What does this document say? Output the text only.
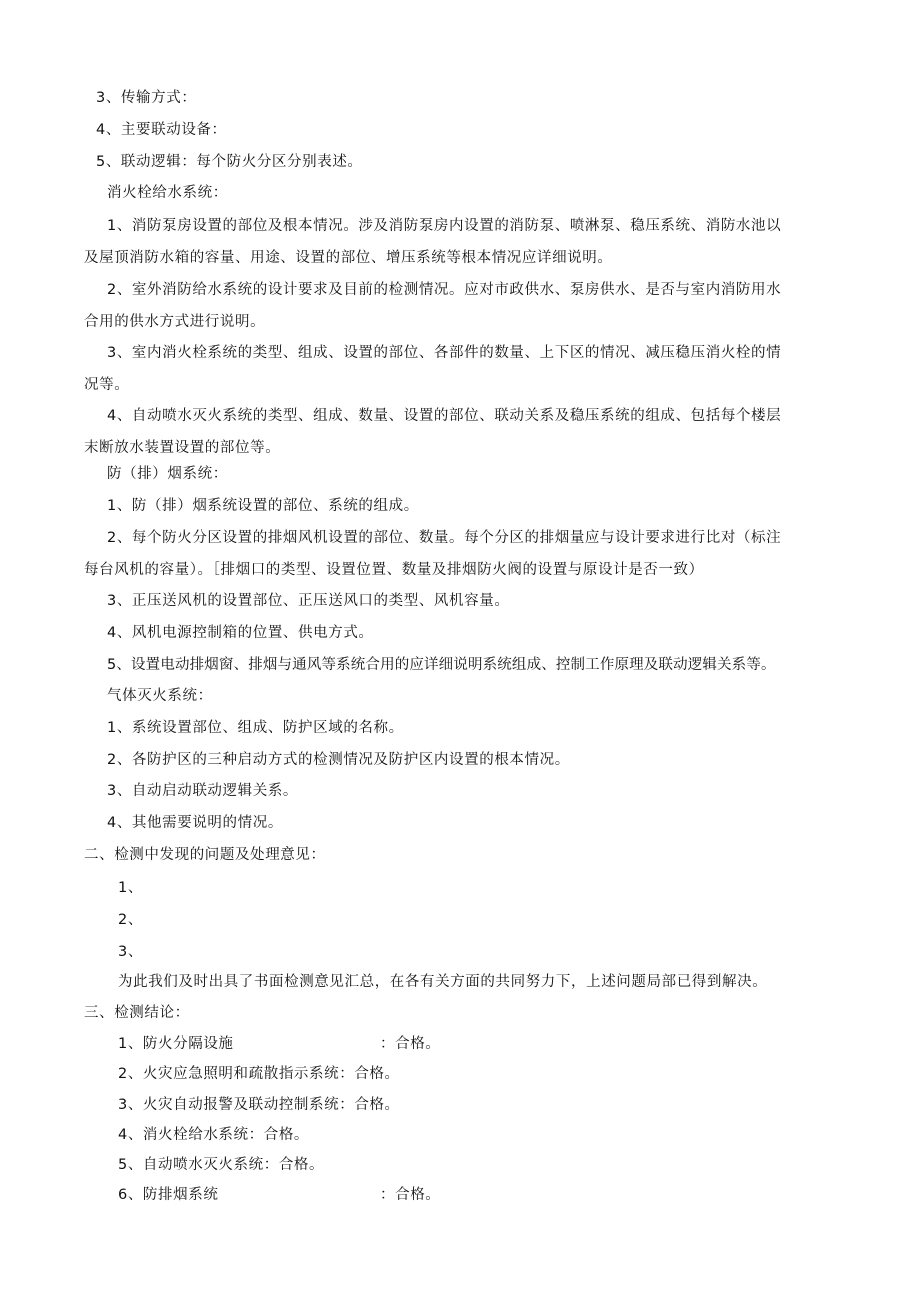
3、传输方式：
4、主要联动设备：
5、联动逻辑：每个防火分区分别表述。
消火栓给水系统：
1、消防泵房设置的部位及根本情况。涉及消防泵房内设置的消防泵、喷淋泵、稳压系统、消防水池以及屋顶消防水箱的容量、用途、设置的部位、增压系统等根本情况应详细说明。
2、室外消防给水系统的设计要求及目前的检测情况。应对市政供水、泵房供水、是否与室内消防用水合用的供水方式进行说明。
3、室内消火栓系统的类型、组成、设置的部位、各部件的数量、上下区的情况、减压稳压消火栓的情况等。
4、自动喷水灭火系统的类型、组成、数量、设置的部位、联动关系及稳压系统的组成、包括每个楼层末断放水装置设置的部位等。
防（排）烟系统：
1、防（排）烟系统设置的部位、系统的组成。
2、每个防火分区设置的排烟风机设置的部位、数量。每个分区的排烟量应与设计要求进行比对（标注每台风机的容量）。［排烟口的类型、设置位置、数量及排烟防火阀的设置与原设计是否一致）
3、正压送风机的设置部位、正压送风口的类型、风机容量。
4、风机电源控制箱的位置、供电方式。
5、设置电动排烟窗、排烟与通风等系统合用的应详细说明系统组成、控制工作原理及联动逻辑关系等。
气体灭火系统：
1、系统设置部位、组成、防护区域的名称。
2、各防护区的三种启动方式的检测情况及防护区内设置的根本情况。
3、自动启动联动逻辑关系。
4、其他需要说明的情况。
二、检测中发现的问题及处理意见：
1、
2、
3、
为此我们及时出具了书面检测意见汇总，在各有关方面的共同努力下，上述问题局部已得到解决。
三、检测结论：
1、防火分隔设施	：合格。
2、火灾应急照明和疏散指示系统：合格。
3、火灾自动报警及联动控制系统：合格。
4、消火栓给水系统：合格。
5、自动喷水灭火系统：合格。
6、防排烟系统	：合格。
